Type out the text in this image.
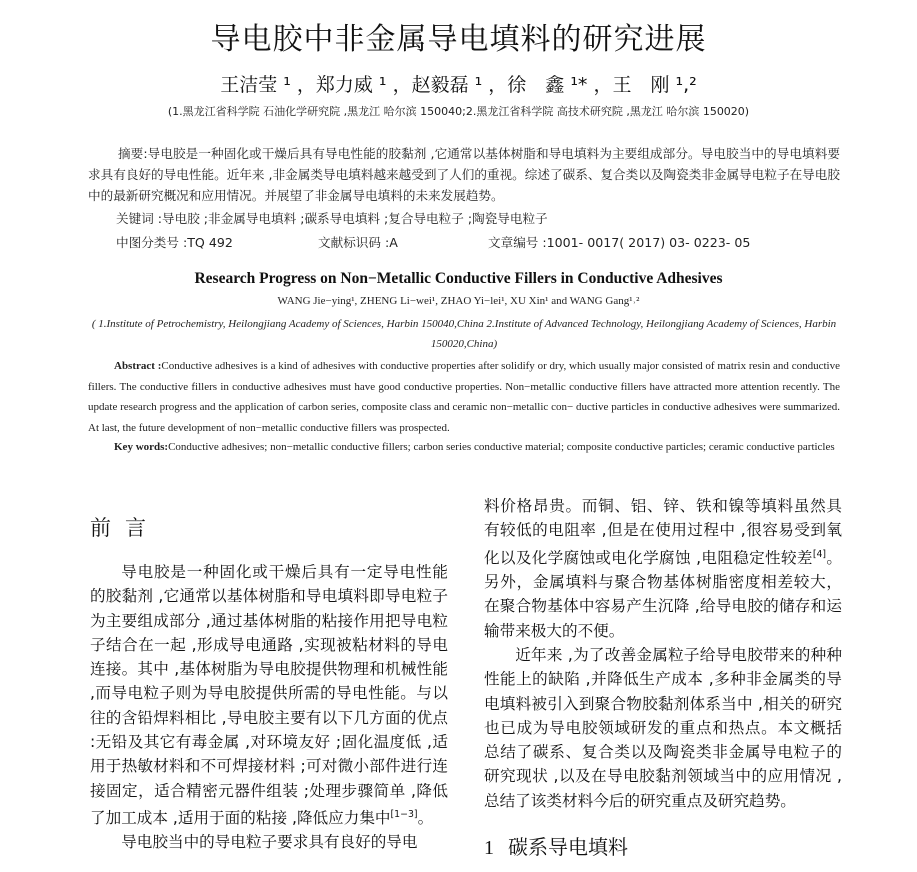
导电胶中非金属导电填料的研究进展
王洁莹 ¹ ，郑力威 ¹ ，赵毅磊 ¹ ，徐　鑫 ¹* ，王　刚 ¹,²
(1.黑龙江省科学院 石油化学研究院 ,黑龙江 哈尔滨 150040;2.黑龙江省科学院 高技术研究院 ,黑龙江 哈尔滨 150020)
摘要:导电胶是一种固化或干燥后具有导电性能的胶黏剂 ,它通常以基体树脂和导电填料为主要组成部分。导电胶当中的导电填料要求具有良好的导电性能。近年来 ,非金属类导电填料越来越受到了人们的重视。综述了碳系、复合类以及陶瓷类非金属导电粒子在导电胶中的最新研究概况和应用情况。并展望了非金属导电填料的未来发展趋势。
关键词 :导电胶 ;非金属导电填料 ;碳系导电填料 ;复合导电粒子 ;陶瓷导电粒子
中图分类号 :TQ 492	文献标识码 :A	文章编号 :1001- 0017( 2017) 03- 0223- 05
Research Progress on Non−Metallic Conductive Fillers in Conductive Adhesives
WANG Jie−ying¹, ZHENG Li−wei¹, ZHAO Yi−lei¹, XU Xin¹ and WANG Gang¹˒²
( 1.Institute of Petrochemistry, Heilongjiang Academy of Sciences, Harbin 150040,China 2.Institute of Advanced Technology, Heilongjiang Academy of Sciences, Harbin 150020,China)
Abstract :Conductive adhesives is a kind of adhesives with conductive properties after solidify or dry, which usually major consisted of matrix resin and conductive fillers. The conductive fillers in conductive adhesives must have good conductive properties. Non−metallic conductive fillers have attracted more attention recently. The update research progress and the application of carbon series, composite class and ceramic non−metallic con− ductive particles in conductive adhesives were summarized. At last, the future development of non−metallic conductive fillers was prospected.
Key words:Conductive adhesives; non−metallic conductive fillers; carbon series conductive material; composite conductive particles; ceramic conductive particles
前言

导电胶是一种固化或干燥后具有一定导电性能的胶黏剂 ,它通常以基体树脂和导电填料即导电粒子为主要组成部分 ,通过基体树脂的粘接作用把导电粒子结合在一起 ,形成导电通路 ,实现被粘材料的导电连接。其中 ,基体树脂为导电胶提供物理和机械性能 ,而导电粒子则为导电胶提供所需的导电性能。与以往的含铅焊料相比 ,导电胶主要有以下几方面的优点 :无铅及其它有毒金属 ,对环境友好 ;固化温度低 ,适用于热敏材料和不可焊接材料 ;可对微小部件进行连接固定，适合精密元器件组装 ;处理步骤简单 ,降低了加工成本 ,适用于面的粘接 ,降低应力集中[1−3]。

导电胶当中的导电粒子要求具有良好的导电

料价格昂贵。而铜、铝、锌、铁和镍等填料虽然具有较低的电阻率 ,但是在使用过程中 ,很容易受到氧化以及化学腐蚀或电化学腐蚀 ,电阻稳定性较差[4]。另外，金属填料与聚合物基体树脂密度相差较大，在聚合物基体中容易产生沉降 ,给导电胶的储存和运输带来极大的不便。

近年来 ,为了改善金属粒子给导电胶带来的种种性能上的缺陷 ,并降低生产成本 ,多种非金属类的导电填料被引入到聚合物胶黏剂体系当中 ,相关的研究也已成为导电胶领域研发的重点和热点。本文概括总结了碳系、复合类以及陶瓷类非金属导电粒子的研究现状 ,以及在导电胶黏剂领域当中的应用情况 ,总结了该类材料今后的研究重点及研究趋势。

1 碳系导电填料
